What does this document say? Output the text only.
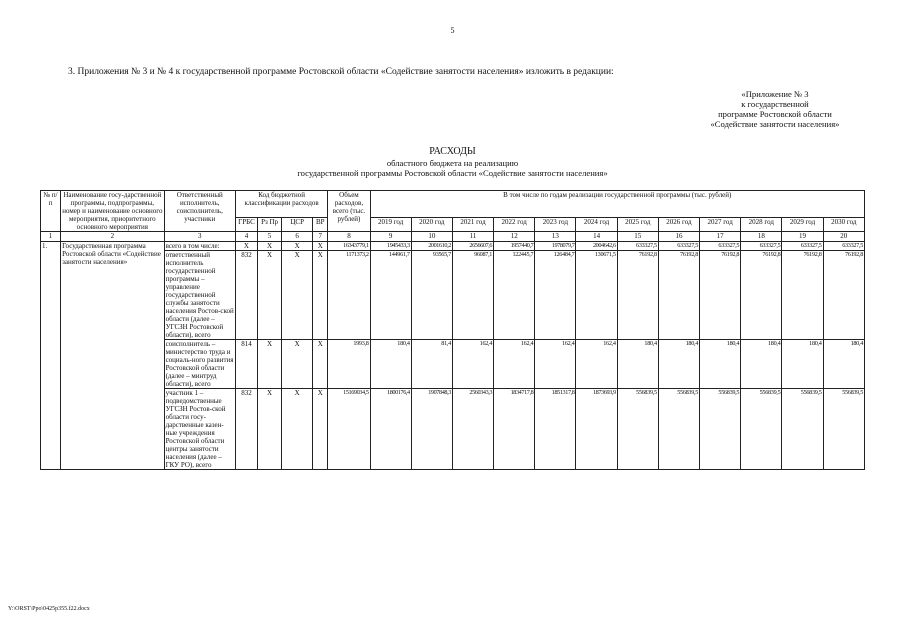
5
3. Приложения № 3 и № 4 к государственной программе Ростовской области «Содействие занятости населения» изложить в редакции:
«Приложение № 3
к государственной
программе Ростовской области
«Содействие занятости населения»
РАСХОДЫ
областного бюджета на реализацию
государственной программы Ростовской области «Содействие занятости населения»
№ п/п	Наименование госу-дарственной программы, подпрограммы, номер и наименование основного мероприятия, приоритетного основного мероприятия	Ответственный исполнитель, соисполнитель, участники	Код бюджетной классификации расходов				Объем расходов, всего (тыс. рублей)	В том числе по годам реализации государственной программы (тыс. рублей)											
			ГРБС	Рз Пр	ЦСР	ВР		2019 год	2020 год	2021 год	2022 год	2023 год	2024 год	2025 год	2026 год	2027 год	2028 год	2029 год	2030 год
1	2	3	4	5	6	7	8	9	10	11	12	13	14	15	16	17	18	19	20
1.	Государственная программа Ростовской области «Содействие занятости населения»	всего в том числе:	Х	Х	Х	Х	16343779,1	1945433,3	2001610,2	2656607,6	1957440,7	1978079,7	2004642,6	633327,5	633327,5	633327,5	633327,5	633327,5	633327,5
		ответственный исполнитель государственной программы – управление государственной службы занятости населения Ростов-ской области (далее – УГСЗН Ростовской области), всего	832	Х	Х	Х	1171373,2	144961,7	93565,7	96087,1	122445,7	126484,7	130671,5	76192,8	76192,8	76192,8	76192,8	76192,8	76192,8
		соисполнитель – министерство труда и социаль-ного развития Ростовской области (далее – минтруд области), всего	814	Х	Х	Х	1993,8	180,4	81,4	162,4	162,4	162,4	162,4	180,4	180,4	180,4	180,4	180,4	180,4
		участник 1 – подведомственные УГСЗН Ростов-ской области госу-дарственные казен-ные учреждения Ростовской области центры занятости населения (далее – ГКУ РО), всего	832	Х	Х	Х	15169034,5	1800176,4	1907848,3	2560343,3	1834717,8	1851317,8	1873693,9	556839,5	556839,5	556839,5	556839,5	556839,5	556839,5
Y:\ORST\Ppo\0425p355.f22.docx
